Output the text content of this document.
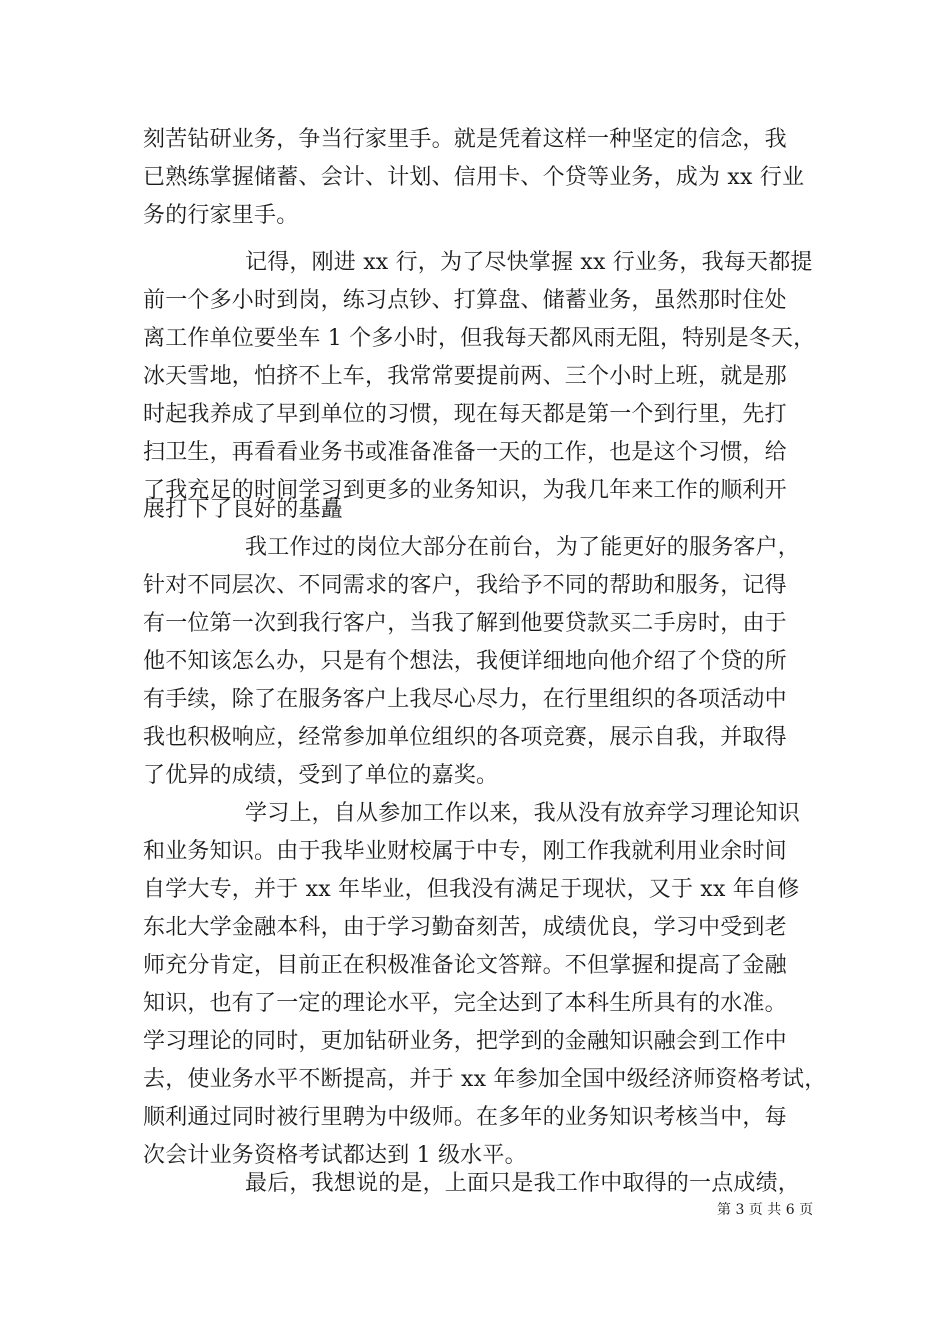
刻苦钻研业务，争当行家里手。就是凭着这样一种坚定的信念，我
已熟练掌握储蓄、会计、计划、信用卡、个贷等业务，成为 xx 行业
务的行家里手。
记得，刚进 xx 行，为了尽快掌握 xx 行业务，我每天都提
前一个多小时到岗，练习点钞、打算盘、储蓄业务，虽然那时住处
离工作单位要坐车 1 个多小时，但我每天都风雨无阻，特别是冬天，
冰天雪地，怕挤不上车，我常常要提前两、三个小时上班，就是那
时起我养成了早到单位的习惯，现在每天都是第一个到行里，先打
扫卫生，再看看业务书或准备准备一天的工作，也是这个习惯，给
了我充足的时间学习到更多的业务知识，为我几年来工作的顺利开
展打下了良好的基矗
我工作过的岗位大部分在前台，为了能更好的服务客户，
针对不同层次、不同需求的客户，我给予不同的帮助和服务，记得
有一位第一次到我行客户，当我了解到他要贷款买二手房时，由于
他不知该怎么办，只是有个想法，我便详细地向他介绍了个贷的所
有手续，除了在服务客户上我尽心尽力，在行里组织的各项活动中
我也积极响应，经常参加单位组织的各项竞赛，展示自我，并取得
了优异的成绩，受到了单位的嘉奖。
学习上，自从参加工作以来，我从没有放弃学习理论知识
和业务知识。由于我毕业财校属于中专，刚工作我就利用业余时间
自学大专，并于 xx 年毕业，但我没有满足于现状，又于 xx 年自修
东北大学金融本科，由于学习勤奋刻苦，成绩优良，学习中受到老
师充分肯定，目前正在积极准备论文答辩。不但掌握和提高了金融
知识，也有了一定的理论水平，完全达到了本科生所具有的水准。
学习理论的同时，更加钻研业务，把学到的金融知识融会到工作中
去，使业务水平不断提高，并于 xx 年参加全国中级经济师资格考试，
顺利通过同时被行里聘为中级师。在多年的业务知识考核当中，每
次会计业务资格考试都达到 1 级水平。
最后，我想说的是，上面只是我工作中取得的一点成绩，
第 3 页 共 6 页
